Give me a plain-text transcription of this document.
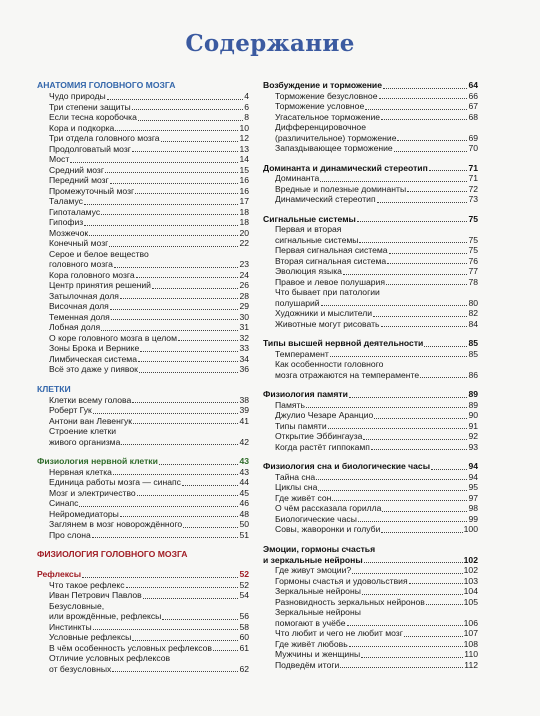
Содержание
АНАТОМИЯ ГОЛОВНОГО МОЗГА
Чудо природы	4
Три степени защиты	6
Если тесна коробочка	8
Кора и подкорка	10
Три отдела головного мозга	12
Продолговатый мозг	13
Мост	14
Средний мозг	15
Передний мозг	16
Промежуточный мозг	16
Таламус	17
Гипоталамус	18
Гипофиз	18
Мозжечок	20
Конечный мозг	22
Серое и белое вещество
головного мозга	23
Кора головного мозга	24
Центр принятия решений	26
Затылочная доля	28
Височная доля	29
Теменная доля	30
Лобная доля	31
О коре головного мозга в целом	32
Зоны Брока и Вернике	33
Лимбическая система	34
Всё это даже у пиявок	36
КЛЕТКИ
Клетки всему голова	38
Роберт Гук	39
Антони ван Левенгук	41
Строение клетки
живого организма	42
Физиология нервной клетки	43
Нервная клетка	43
Единица работы мозга — синапс	44
Мозг и электричество	45
Синапс	46
Нейромедиаторы	48
Заглянем в мозг новорождённого	50
Про слона	51
ФИЗИОЛОГИЯ ГОЛОВНОГО МОЗГА
Рефлексы	52
Что такое рефлекс	52
Иван Петрович Павлов	54
Безусловные,
или врождённые, рефлексы	56
Инстинкты	58
Условные рефлексы	60
В чём особенность условных рефлексов	61
Отличие условных рефлексов
от безусловных	62
Возбуждение и торможение	64
Торможение безусловное	66
Торможение условное	67
Угасательное торможение	68
Дифференцировочное
(различительное) торможение	69
Запаздывающее торможение	70
Доминанта и динамический стереотип	71
Доминанта	71
Вредные и полезные доминанты	72
Динамический стереотип	73
Сигнальные системы	75
Первая и вторая
сигнальные системы	75
Первая сигнальная система	75
Вторая сигнальная система	76
Эволюция языка	77
Правое и левое полушария	78
Что бывает при патологии
полушарий	80
Художники и мыслители	82
Животные могут рисовать	84
Типы высшей нервной деятельности	85
Темперамент	85
Как особенности головного
мозга отражаются на темпераменте	86
Физиология памяти	89
Память	89
Джулио Чезаре Аранцио	90
Типы памяти	91
Открытие Эббингауза	92
Когда растёт гиппокамп	93
Физиология сна и биологические часы	94
Тайна сна	94
Циклы сна	95
Где живёт сон	97
О чём рассказала горилла	98
Биологические часы	99
Совы, жаворонки и голуби	100
Эмоции, гормоны счастья
и зеркальные нейроны	102
Где живут эмоции?	102
Гормоны счастья и удовольствия	103
Зеркальные нейроны	104
Разновидность зеркальных нейронов	105
Зеркальные нейроны
помогают в учёбе	106
Что любит и чего не любит мозг	107
Где живёт любовь	108
Мужчины и женщины	110
Подведём итоги	112
